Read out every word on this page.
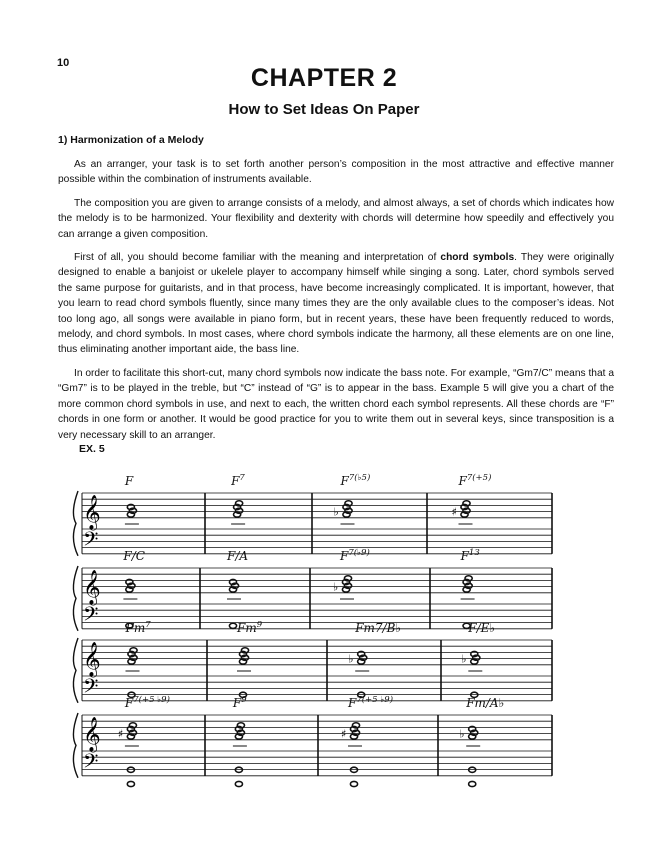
10
CHAPTER 2
How to Set Ideas On Paper
1) Harmonization of a Melody

As an arranger, your task is to set forth another person’s composition in the most attractive and effective manner possible within the combination of instruments available.

The composition you are given to arrange consists of a melody, and almost always, a set of chords which indicates how the melody is to be harmonized. Your flexibility and dexterity with chords will determine how speedily and effectively you can arrange a given composition.

First of all, you should become familiar with the meaning and interpretation of chord symbols. They were originally designed to enable a banjoist or ukelele player to accompany himself while singing a song. Later, chord symbols served the same purpose for guitarists, and in that process, have become increasingly complicated. It is important, however, that you learn to read chord symbols fluently, since many times they are the only available clues to the composer’s ideas. Not too long ago, all songs were available in piano form, but in recent years, these have been frequently reduced to words, melody, and chord symbols. In most cases, where chord symbols indicate the harmony, all these elements are on one line, thus eliminating another important aide, the bass line.

In order to facilitate this short-cut, many chord symbols now indicate the bass note. For example, “Gm7/C” means that a “Gm7” is to be played in the treble, but “C” instead of “G” is to appear in the bass. Example 5 will give you a chart of the more common chord symbols in use, and next to each, the written chord each symbol represents. All these chords are “F” chords in one form or another. It would be good practice for you to write them out in several keys, since transposition is a very necessary skill to an arranger.

EX. 5
𝄞
𝄢
F	$F^7$	$F^{7(♭5)}$
♭
$F^{7(+5)}$
♯
𝄞
𝄢
F/C	F/A	$F^{7(♭9)}$
♭
$F^{13}$
𝄞
𝄢
Fm$^7$	Fm$^9$	Fm7/B♭
♭
F/E♭
♭
𝄞
𝄢
$F^{7(+5 ♭9)}$
♯
$F^9$	$F^{7(+5 ♭9)}$
♯
Fm/A♭
♭
